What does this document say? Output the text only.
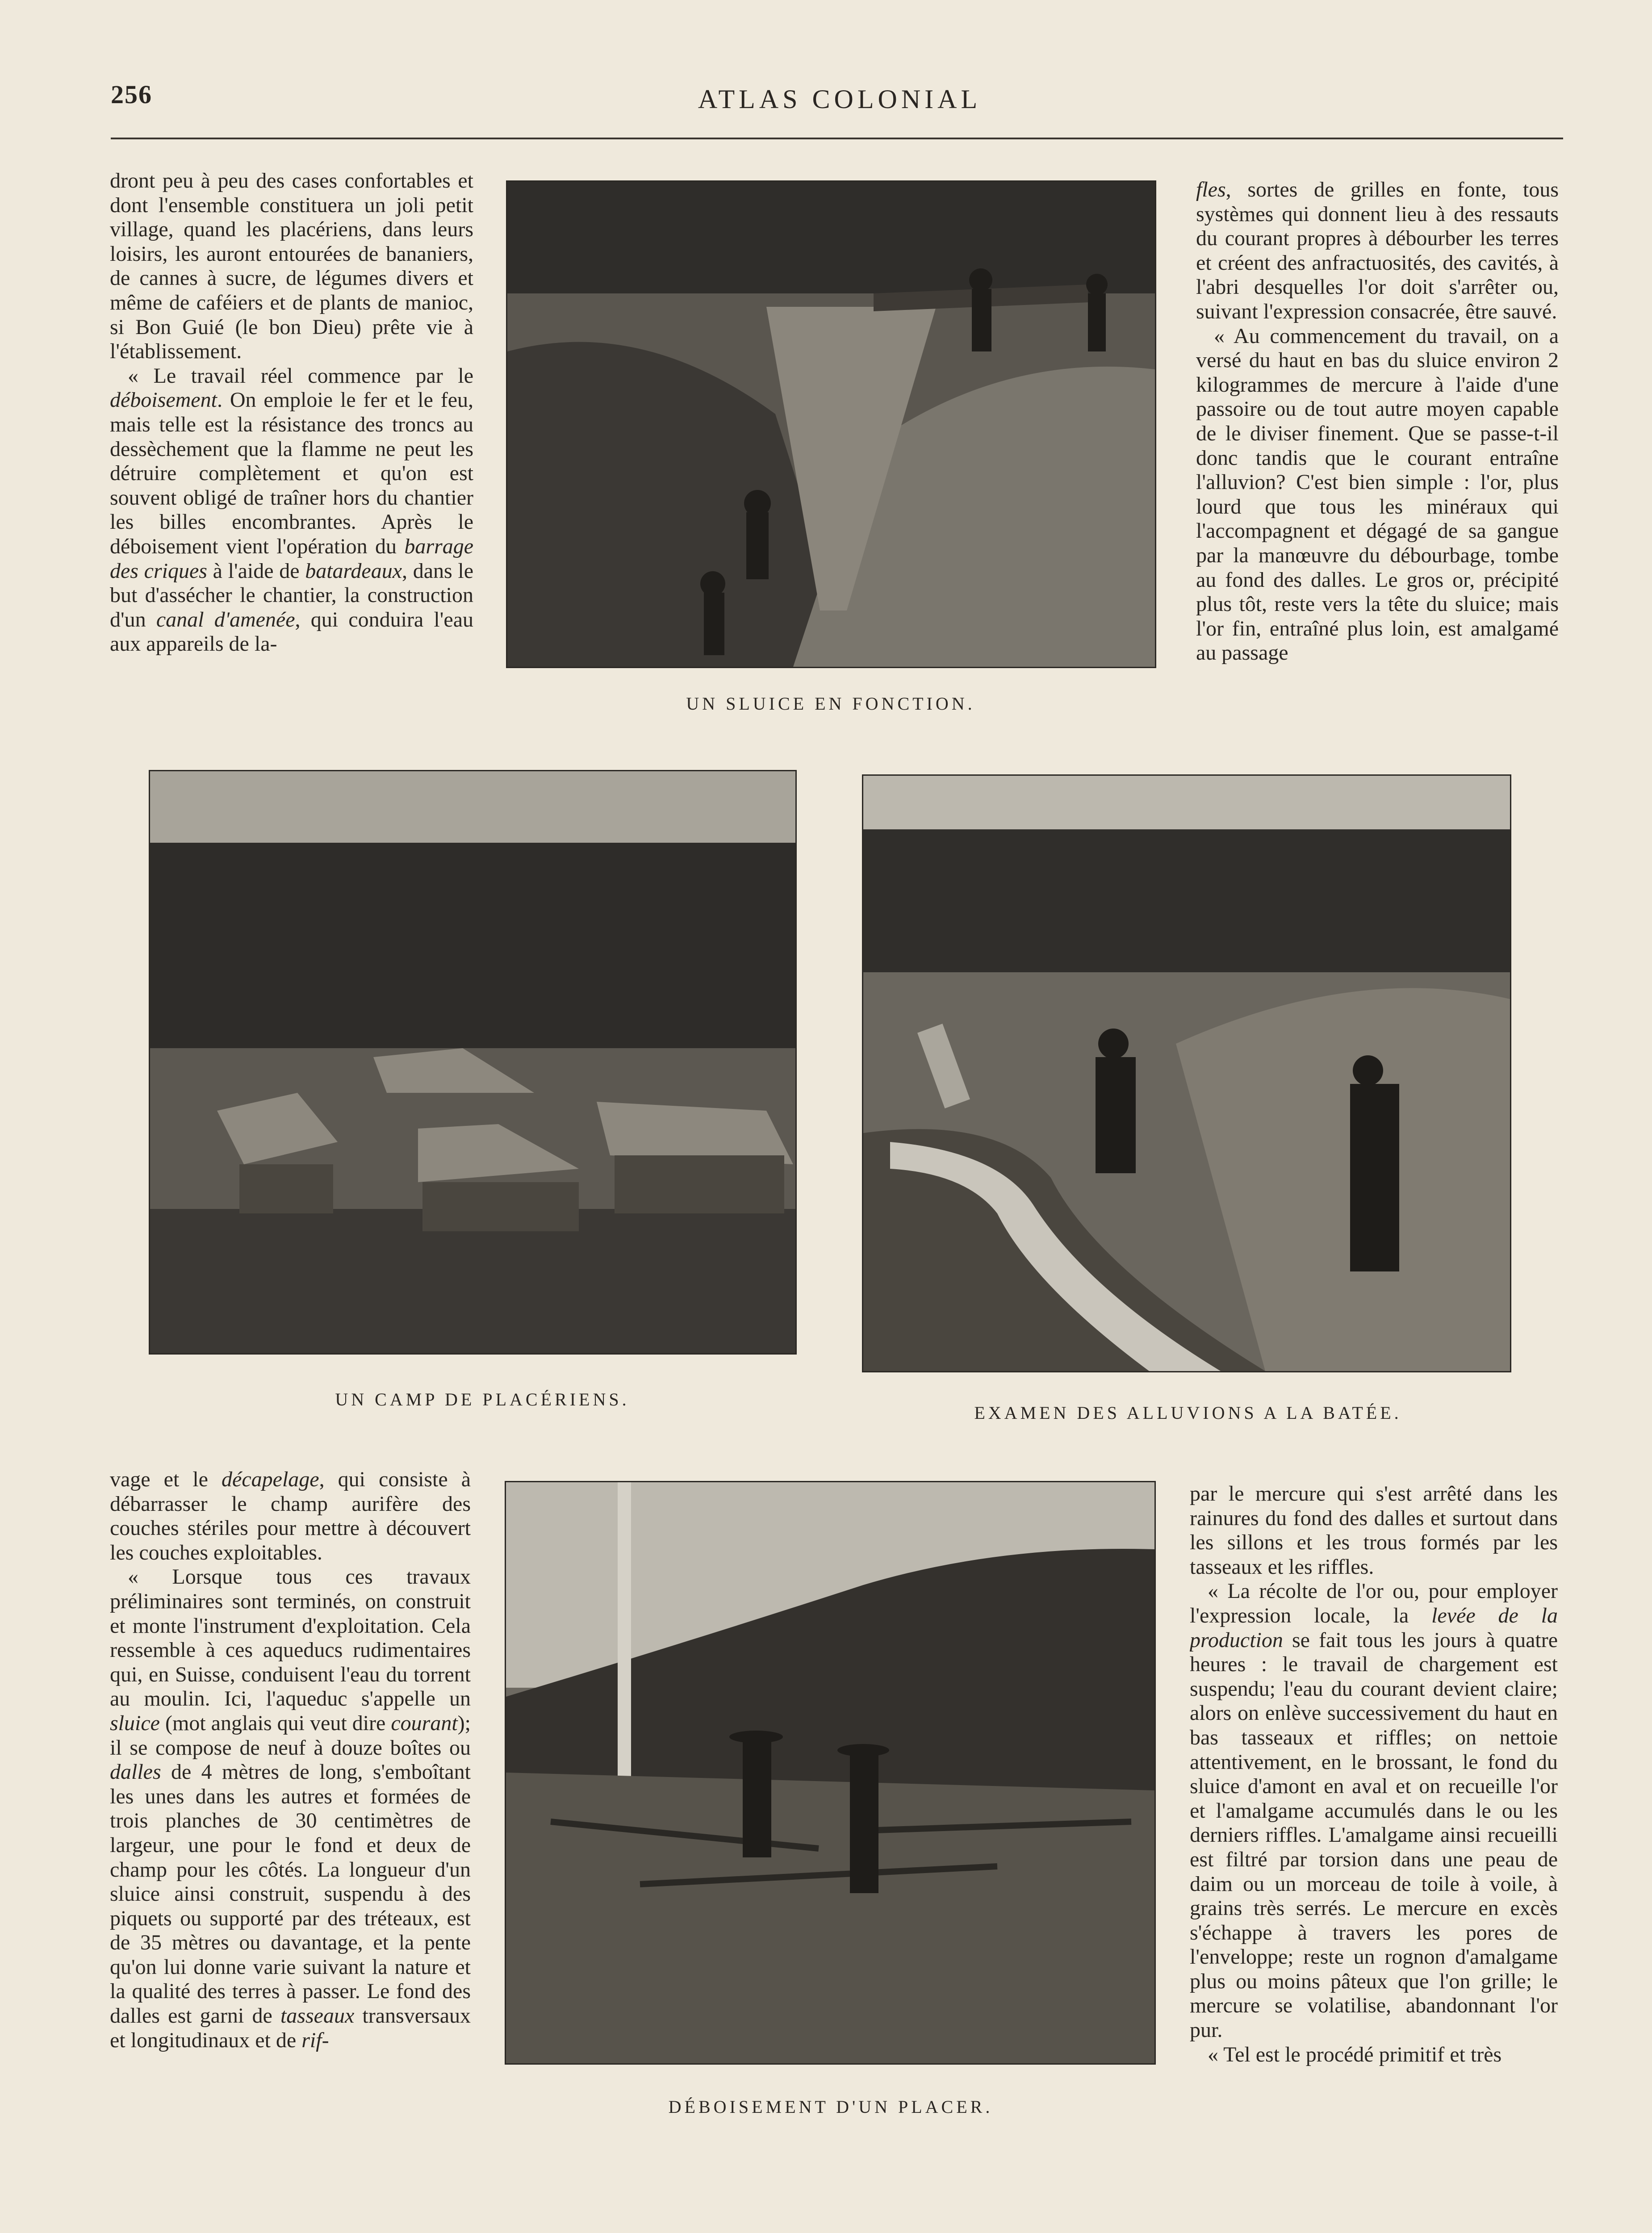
256	ATLAS COLONIAL

dront peu à peu des cases confortables et dont l'ensemble constituera un joli petit village, quand les placériens, dans leurs loisirs, les auront entourées de bananiers, de cannes à sucre, de légumes divers et même de caféiers et de plants de manioc, si Bon Guié (le bon Dieu) prête vie à l'établissement.

« Le travail réel commence par le déboisement. On emploie le fer et le feu, mais telle est la résistance des troncs au dessèchement que la flamme ne peut les détruire complètement et qu'on est souvent obligé de traîner hors du chantier les billes encombrantes. Après le déboisement vient l'opération du barrage des criques à l'aide de batardeaux, dans le but d'assécher le chantier, la construction d'un canal d'amenée, qui conduira l'eau aux appareils de la-

UN SLUICE EN FONCTION.

fles, sortes de grilles en fonte, tous systèmes qui donnent lieu à des ressauts du courant propres à débourber les terres et créent des anfractuosités, des cavités, à l'abri desquelles l'or doit s'arrêter ou, suivant l'expression consacrée, être sauvé.

« Au commencement du travail, on a versé du haut en bas du sluice environ 2 kilogrammes de mercure à l'aide d'une passoire ou de tout autre moyen capable de le diviser finement. Que se passe-t-il donc tandis que le courant entraîne l'alluvion? C'est bien simple : l'or, plus lourd que tous les minéraux qui l'accompagnent et dégagé de sa gangue par la manœuvre du débourbage, tombe au fond des dalles. Le gros or, précipité plus tôt, reste vers la tête du sluice; mais l'or fin, entraîné plus loin, est amalgamé au passage

UN CAMP DE PLACÉRIENS.
EXAMEN DES ALLUVIONS A LA BATÉE.

vage et le décapelage, qui consiste à débarrasser le champ aurifère des couches stériles pour mettre à découvert les couches exploitables.

« Lorsque tous ces travaux préliminaires sont terminés, on construit et monte l'instrument d'exploitation. Cela ressemble à ces aqueducs rudimentaires qui, en Suisse, conduisent l'eau du torrent au moulin. Ici, l'aqueduc s'appelle un sluice (mot anglais qui veut dire courant); il se compose de neuf à douze boîtes ou dalles de 4 mètres de long, s'emboîtant les unes dans les autres et formées de trois planches de 30 centimètres de largeur, une pour le fond et deux de champ pour les côtés. La longueur d'un sluice ainsi construit, suspendu à des piquets ou supporté par des tréteaux, est de 35 mètres ou davantage, et la pente qu'on lui donne varie suivant la nature et la qualité des terres à passer. Le fond des dalles est garni de tasseaux transversaux et longitudinaux et de rif-

DÉBOISEMENT D'UN PLACER.

par le mercure qui s'est arrêté dans les rainures du fond des dalles et surtout dans les sillons et les trous formés par les tasseaux et les riffles.

« La récolte de l'or ou, pour employer l'expression locale, la levée de la production se fait tous les jours à quatre heures : le travail de chargement est suspendu; l'eau du courant devient claire; alors on enlève successivement du haut en bas tasseaux et riffles; on nettoie attentivement, en le brossant, le fond du sluice d'amont en aval et on recueille l'or et l'amalgame accumulés dans le ou les derniers riffles. L'amalgame ainsi recueilli est filtré par torsion dans une peau de daim ou un morceau de toile à voile, à grains très serrés. Le mercure en excès s'échappe à travers les pores de l'enveloppe; reste un rognon d'amalgame plus ou moins pâteux que l'on grille; le mercure se volatilise, abandonnant l'or pur.

« Tel est le procédé primitif et très
